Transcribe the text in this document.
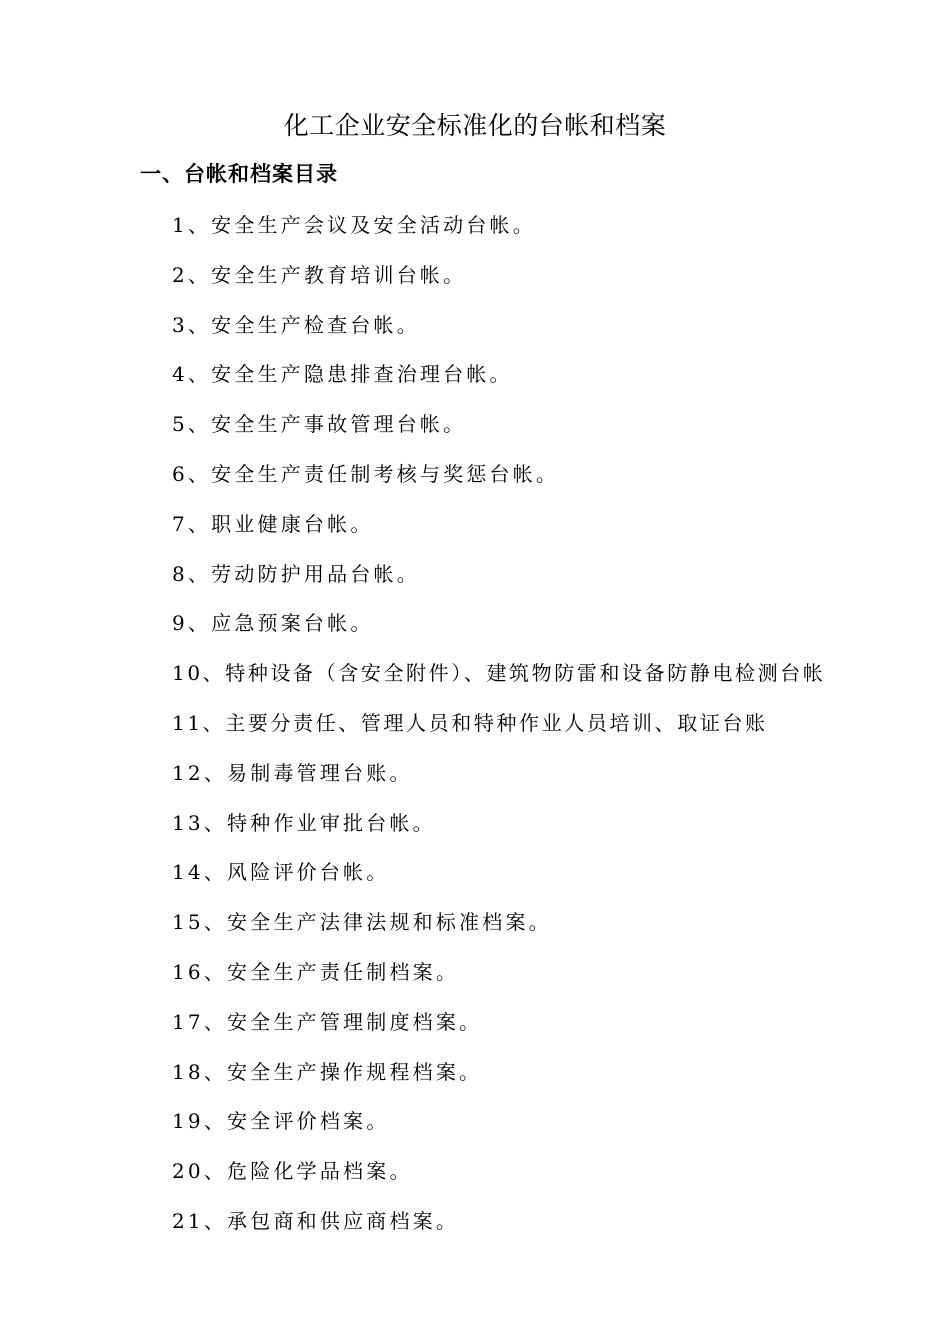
化工企业安全标准化的台帐和档案
一、台帐和档案目录
1、安全生产会议及安全活动台帐。
2、安全生产教育培训台帐。
3、安全生产检查台帐。
4、安全生产隐患排查治理台帐。
5、安全生产事故管理台帐。
6、安全生产责任制考核与奖惩台帐。
7、职业健康台帐。
8、劳动防护用品台帐。
9、应急预案台帐。
10、特种设备（含安全附件）、建筑物防雷和设备防静电检测台帐
11、主要分责任、管理人员和特种作业人员培训、取证台账
12、易制毒管理台账。
13、特种作业审批台帐。
14、风险评价台帐。
15、安全生产法律法规和标准档案。
16、安全生产责任制档案。
17、安全生产管理制度档案。
18、安全生产操作规程档案。
19、安全评价档案。
20、危险化学品档案。
21、承包商和供应商档案。
